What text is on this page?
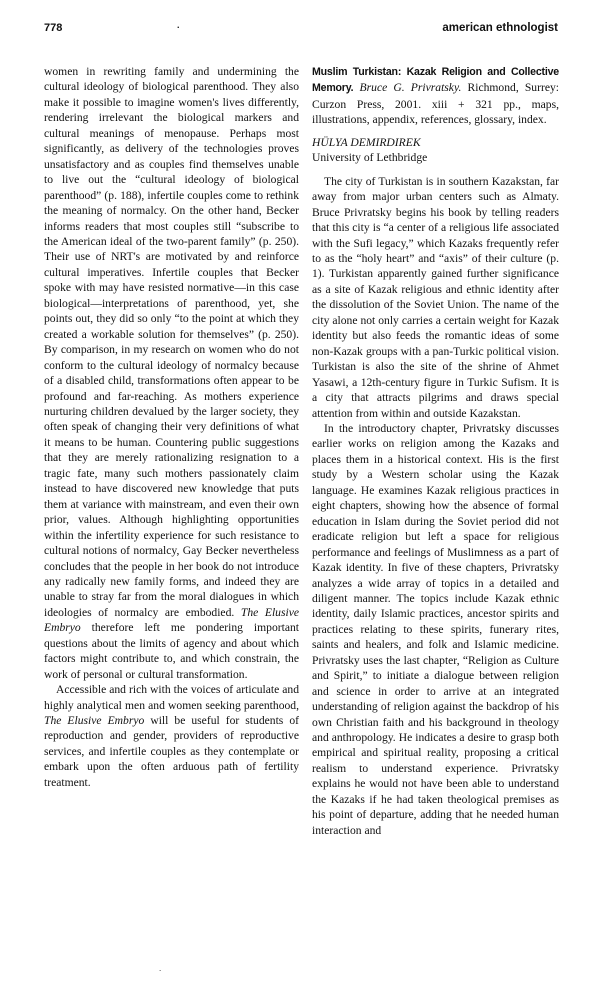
778	.	american ethnologist

women in rewriting family and undermining the cultural ideology of biological parenthood. They also make it possible to imagine women's lives differently, rendering irrelevant the biological markers and cultural meanings of menopause. Perhaps most significantly, as delivery of the technologies proves unsatisfactory and as couples find themselves unable to live out the “cultural ideology of biological parenthood” (p. 188), infertile couples come to rethink the meaning of normalcy. On the other hand, Becker informs readers that most couples still “subscribe to the American ideal of the two-parent family” (p. 250). Their use of NRT's are motivated by and reinforce cultural imperatives. Infertile couples that Becker spoke with may have resisted normative—in this case biological—interpretations of parenthood, yet, she points out, they did so only “to the point at which they created a workable solution for themselves” (p. 250). By comparison, in my research on women who do not conform to the cultural ideology of normalcy because of a disabled child, transformations often appear to be profound and far-reaching. As mothers experience nurturing children devalued by the larger society, they often speak of changing their very definitions of what it means to be human. Countering public suggestions that they are merely rationalizing resignation to a tragic fate, many such mothers passionately claim instead to have discovered new knowledge that puts them at variance with mainstream, and even their own prior, values. Although highlighting opportunities within the infertility experience for such resistance to cultural notions of normalcy, Gay Becker nevertheless concludes that the people in her book do not introduce any radically new family forms, and indeed they are unable to stray far from the moral dialogues in which ideologies of normalcy are embodied. The Elusive Embryo therefore left me pondering important questions about the limits of agency and about which factors might contribute to, and which constrain, the work of personal or cultural transformation.

Accessible and rich with the voices of articulate and highly analytical men and women seeking parenthood, The Elusive Embryo will be useful for students of reproduction and gender, providers of reproductive services, and infertile couples as they contemplate or embark upon the often arduous path of fertility treatment.

Muslim Turkistan: Kazak Religion and Collective Memory. Bruce G. Privratsky. Richmond, Surrey: Curzon Press, 2001. xiii + 321 pp., maps, illustrations, appendix, references, glossary, index.

HÜLYA DEMIRDIREK

University of Lethbridge

The city of Turkistan is in southern Kazakstan, far away from major urban centers such as Almaty. Bruce Privratsky begins his book by telling readers that this city is “a center of a religious life associated with the Sufi legacy,” which Kazaks frequently refer to as the “holy heart” and “axis” of their culture (p. 1). Turkistan apparently gained further significance as a site of Kazak religious and ethnic identity after the dissolution of the Soviet Union. The name of the city alone not only carries a certain weight for Kazak identity but also feeds the romantic ideas of some non-Kazak groups with a pan-Turkic political vision. Turkistan is also the site of the shrine of Ahmet Yasawi, a 12th-century figure in Turkic Sufism. It is a city that attracts pilgrims and draws special attention from within and outside Kazakstan.

In the introductory chapter, Privratsky discusses earlier works on religion among the Kazaks and places them in a historical context. His is the first study by a Western scholar using the Kazak language. He examines Kazak religious practices in eight chapters, showing how the absence of formal education in Islam during the Soviet period did not eradicate religion but left a space for religious performance and feelings of Muslimness as a part of Kazak identity. In five of these chapters, Privratsky analyzes a wide array of topics in a detailed and diligent manner. The topics include Kazak ethnic identity, daily Islamic practices, ancestor spirits and practices relating to these spirits, funerary rites, saints and healers, and folk and Islamic medicine. Privratsky uses the last chapter, “Religion as Culture and Spirit,” to initiate a dialogue between religion and science in order to arrive at an integrated understanding of religion against the backdrop of his own Christian faith and his background in theology and anthropology. He indicates a desire to grasp both empirical and spiritual reality, proposing a critical realism to understand experience. Privratsky explains he would not have been able to understand the Kazaks if he had taken theological premises as his point of departure, adding that he needed human interaction and

.
